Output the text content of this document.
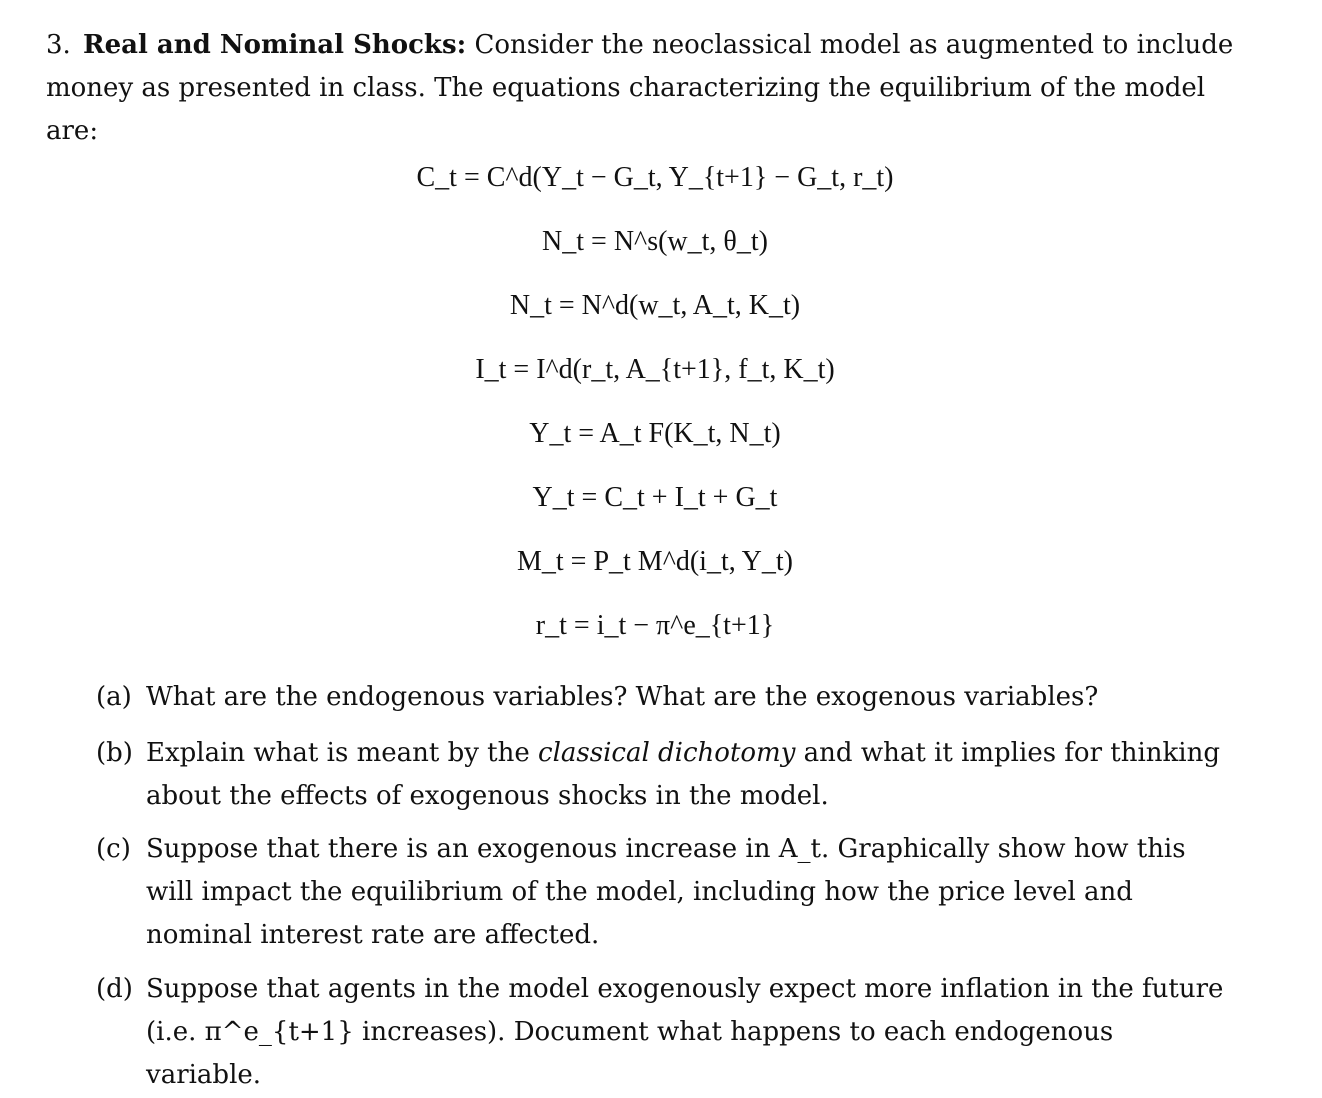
3. Real and Nominal Shocks: Consider the neoclassical model as augmented to include money as presented in class. The equations characterizing the equilibrium of the model are:
C_t = C^d(Y_t − G_t, Y_{t+1} − G_t, r_t)
N_t = N^s(w_t, θ_t)
N_t = N^d(w_t, A_t, K_t)
I_t = I^d(r_t, A_{t+1}, f_t, K_t)
Y_t = A_t F(K_t, N_t)
Y_t = C_t + I_t + G_t
M_t = P_t M^d(i_t, Y_t)
r_t = i_t − π^e_{t+1}
(a) What are the endogenous variables? What are the exogenous variables?
(b) Explain what is meant by the classical dichotomy and what it implies for thinking about the effects of exogenous shocks in the model.
(c) Suppose that there is an exogenous increase in A_t. Graphically show how this will impact the equilibrium of the model, including how the price level and nominal interest rate are affected.
(d) Suppose that agents in the model exogenously expect more inflation in the future (i.e. π^e_{t+1} increases). Document what happens to each endogenous variable.
